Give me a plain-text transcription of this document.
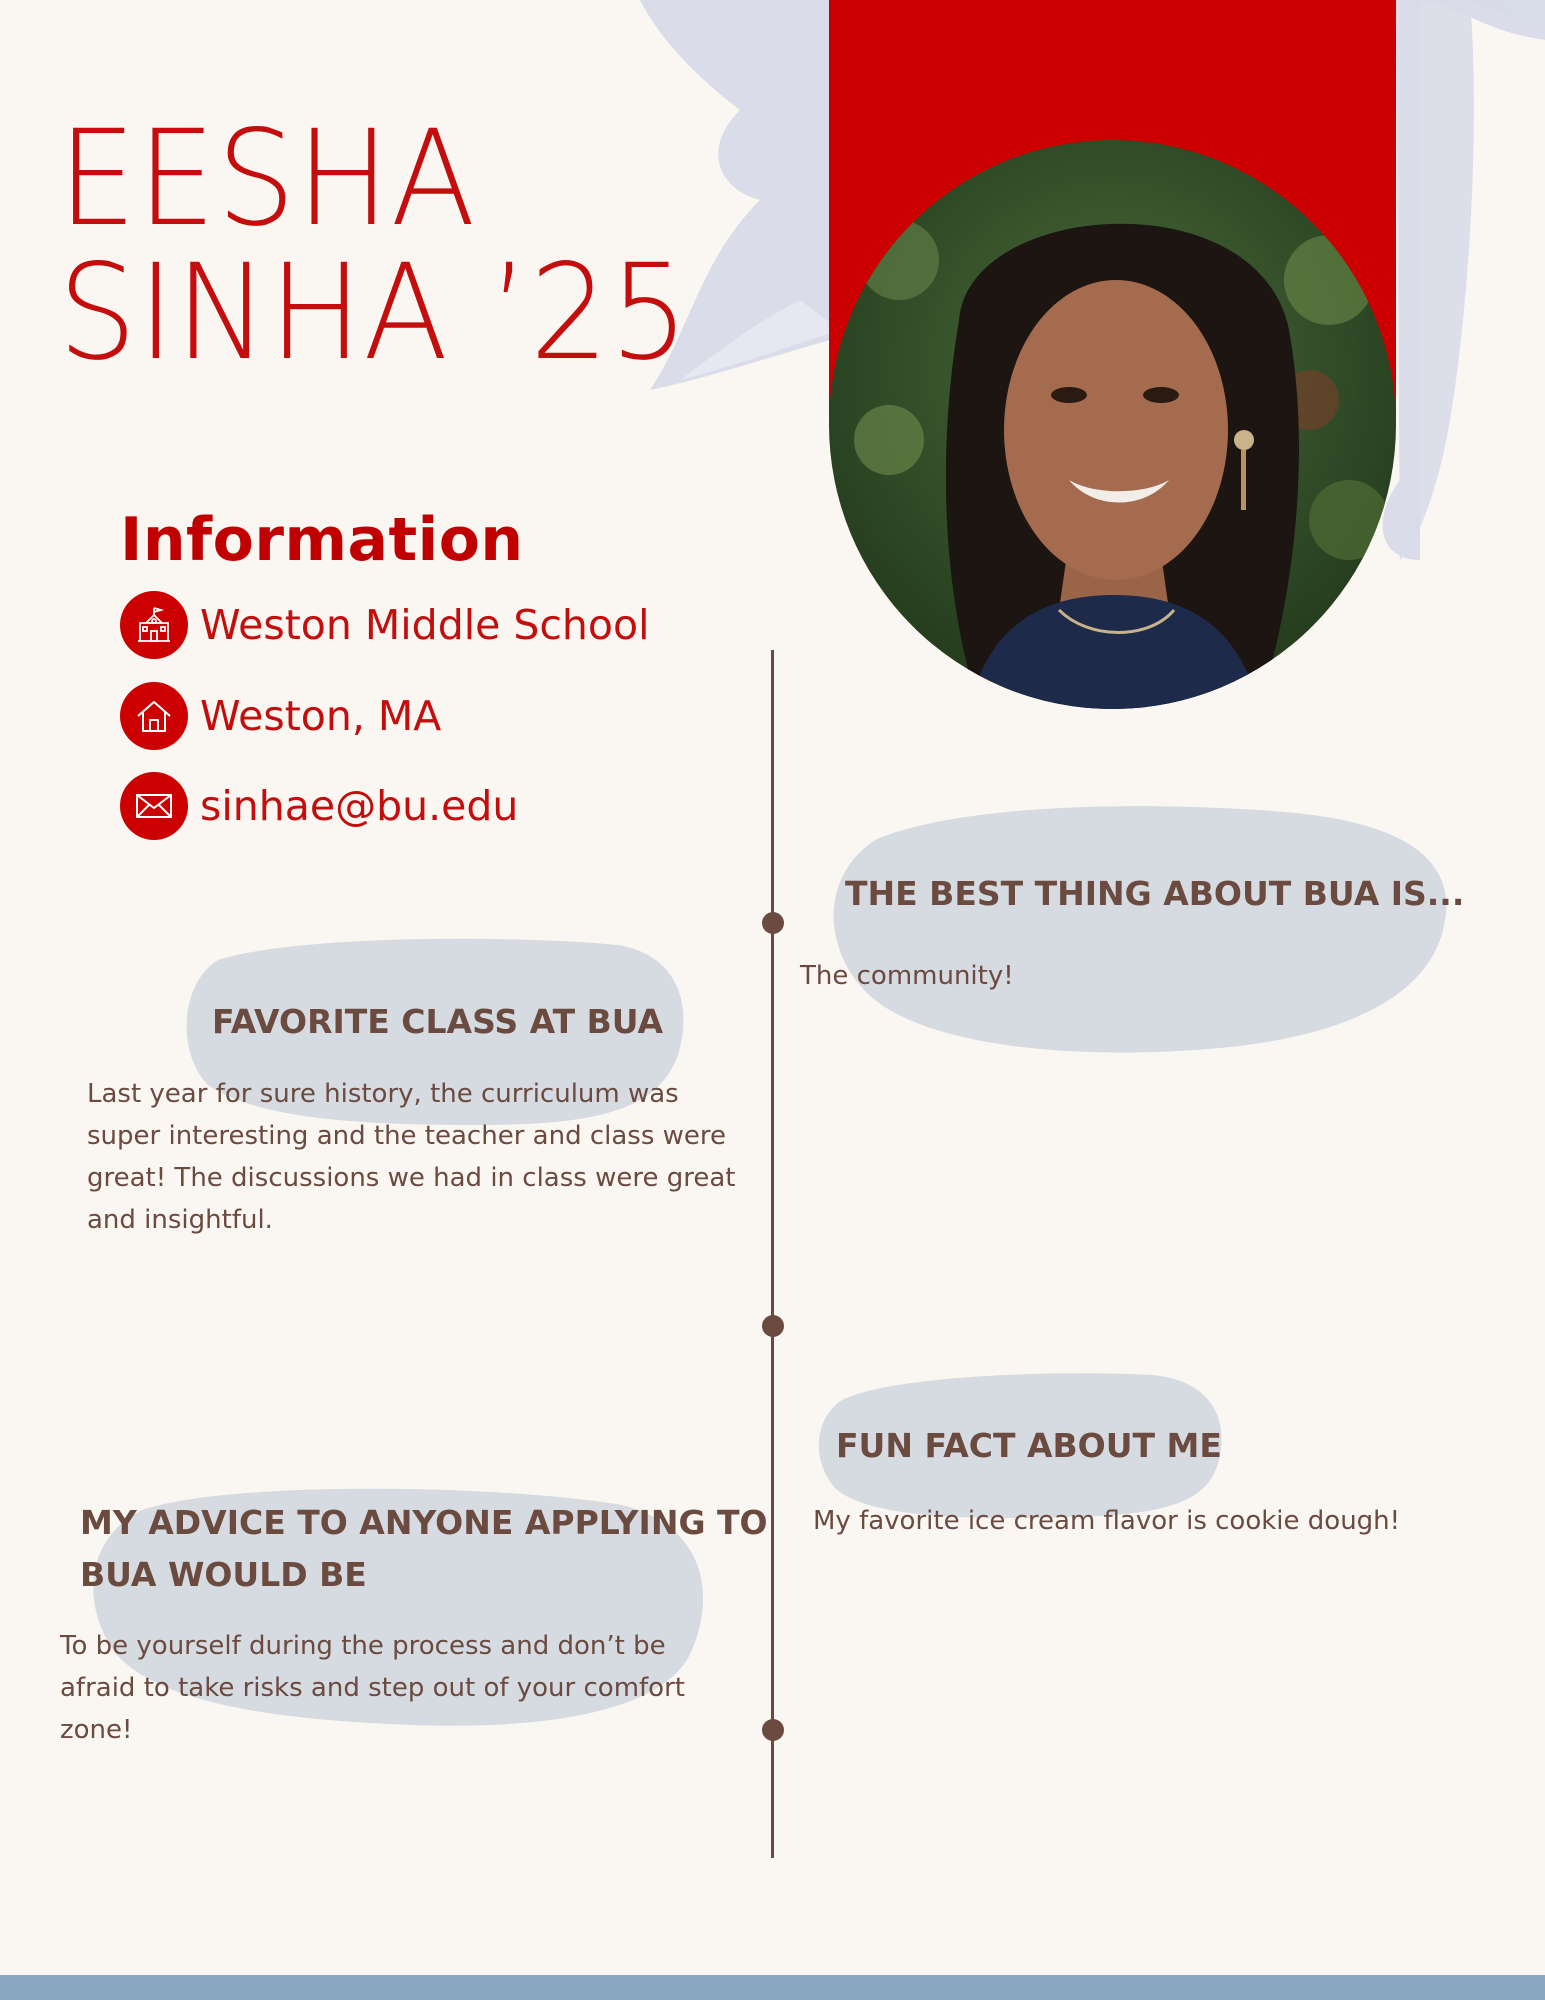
EESHA
SINHA ’25
Information
Weston Middle School
Weston, MA
sinhae@bu.edu
THE BEST THING ABOUT BUA IS...
The community!
FAVORITE CLASS AT BUA
Last year for sure history, the curriculum was super interesting and the teacher and class were great! The discussions we had in class were great and insightful.
FUN FACT ABOUT ME
My favorite ice cream flavor is cookie dough!
MY ADVICE TO ANYONE APPLYING TO
BUA WOULD BE
To be yourself during the process and don’t be afraid to take risks and step out of your comfort zone!
